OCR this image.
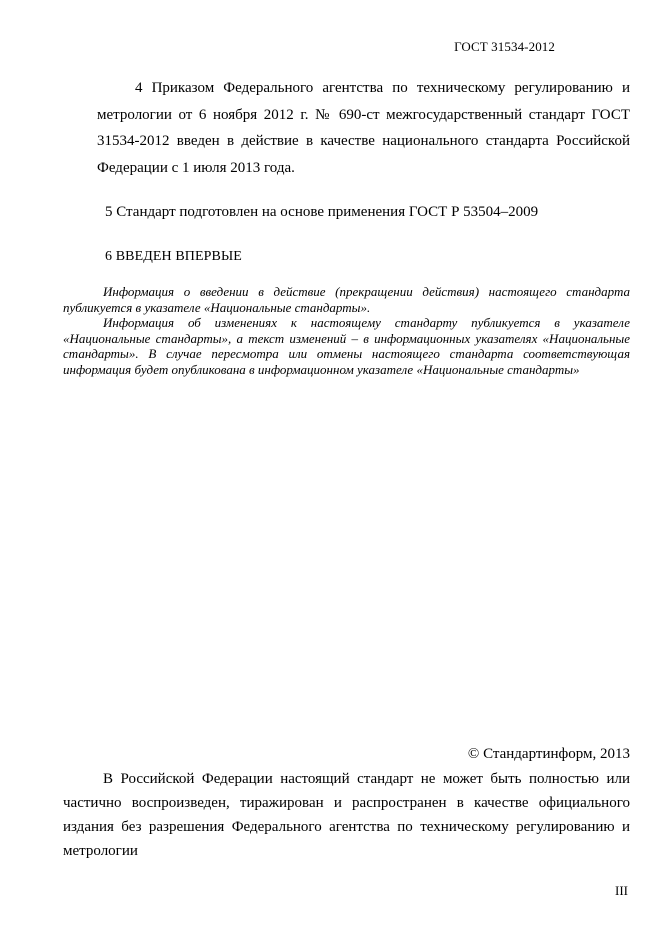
ГОСТ 31534-2012

4 Приказом Федерального агентства по техническому регулированию и метрологии от 6 ноября 2012 г. № 690-ст межгосударственный стандарт ГОСТ 31534-2012 введен в действие в качестве национального стандарта Российской Федерации с 1 июля 2013 года.

5 Стандарт подготовлен на основе применения ГОСТ Р 53504–2009
6 ВВЕДЕН ВПЕРВЫЕ

Информация о введении в действие (прекращении действия) настоящего стандарта публикуется в указателе «Национальные стандарты».

Информация об изменениях к настоящему стандарту публикуется в указателе «Национальные стандарты», а текст изменений – в информационных указателях «Национальные стандарты». В случае пересмотра или отмены настоящего стандарта соответствующая информация будет опубликована в информационном указателе «Национальные стандарты»

© Стандартинформ, 2013

В Российской Федерации настоящий стандарт не может быть полностью или частично воспроизведен, тиражирован и распространен в качестве официального издания без разрешения Федерального агентства по техническому регулированию и метрологии

III
